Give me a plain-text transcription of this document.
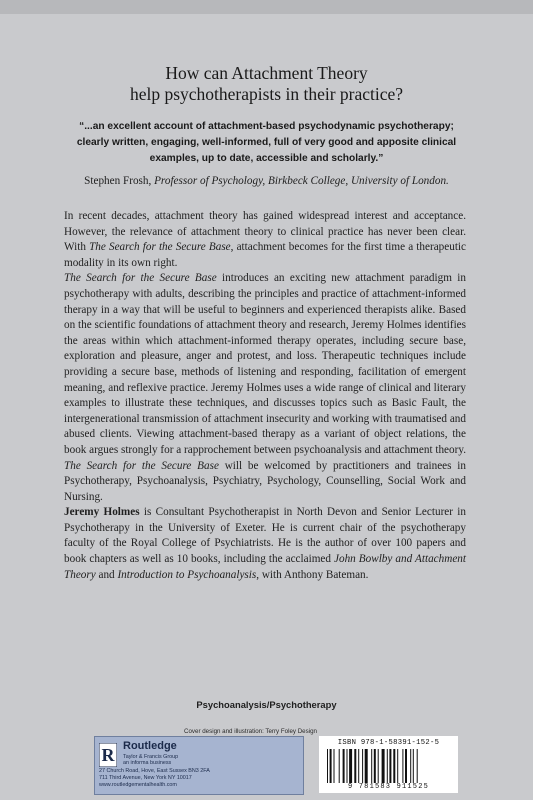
How can Attachment Theory
help psychotherapists in their practice?
“...an excellent account of attachment-based psychodynamic psychotherapy;
clearly written, engaging, well-informed, full of very good and apposite clinical
examples, up to date, accessible and scholarly.”
Stephen Frosh, Professor of Psychology, Birkbeck College, University of London.

In recent decades, attachment theory has gained widespread interest and acceptance. However, the relevance of attachment theory to clinical practice has never been clear. With The Search for the Secure Base, attachment becomes for the first time a therapeutic modality in its own right.

The Search for the Secure Base introduces an exciting new attachment paradigm in psychotherapy with adults, describing the principles and practice of attachment-informed therapy in a way that will be useful to beginners and experienced therapists alike. Based on the scientific foundations of attachment theory and research, Jeremy Holmes identifies the areas within which attachment-informed therapy operates, including secure base, exploration and pleasure, anger and protest, and loss. Therapeutic techniques include providing a secure base, methods of listening and responding, facilitation of emergent meaning, and reflexive practice. Jeremy Holmes uses a wide range of clinical and literary examples to illustrate these techniques, and discusses topics such as Basic Fault, the intergenerational transmission of attachment insecurity and working with traumatised and abused clients. Viewing attachment-based therapy as a variant of object relations, the book argues strongly for a rapprochement between psychoanalysis and attachment theory.

The Search for the Secure Base will be welcomed by practitioners and trainees in Psychotherapy, Psychoanalysis, Psychiatry, Psychology, Counselling, Social Work and Nursing.

Jeremy Holmes is Consultant Psychotherapist in North Devon and Senior Lecturer in Psychotherapy in the University of Exeter. He is current chair of the psychotherapy faculty of the Royal College of Psychiatrists. He is the author of over 100 papers and book chapters as well as 10 books, including the acclaimed John Bowlby and Attachment Theory and Introduction to Psychoanalysis, with Anthony Bateman.

Psychoanalysis/Psychotherapy
Cover design and illustration: Terry Foley Design
R Routledge
Taylor & Francis Group
an informa business
27 Church Road, Hove, East Sussex BN3 2FA
711 Third Avenue, New York NY 10017
www.routledgementalhealth.com
ISBN 978-1-58391-152-5
9 781583 911525
